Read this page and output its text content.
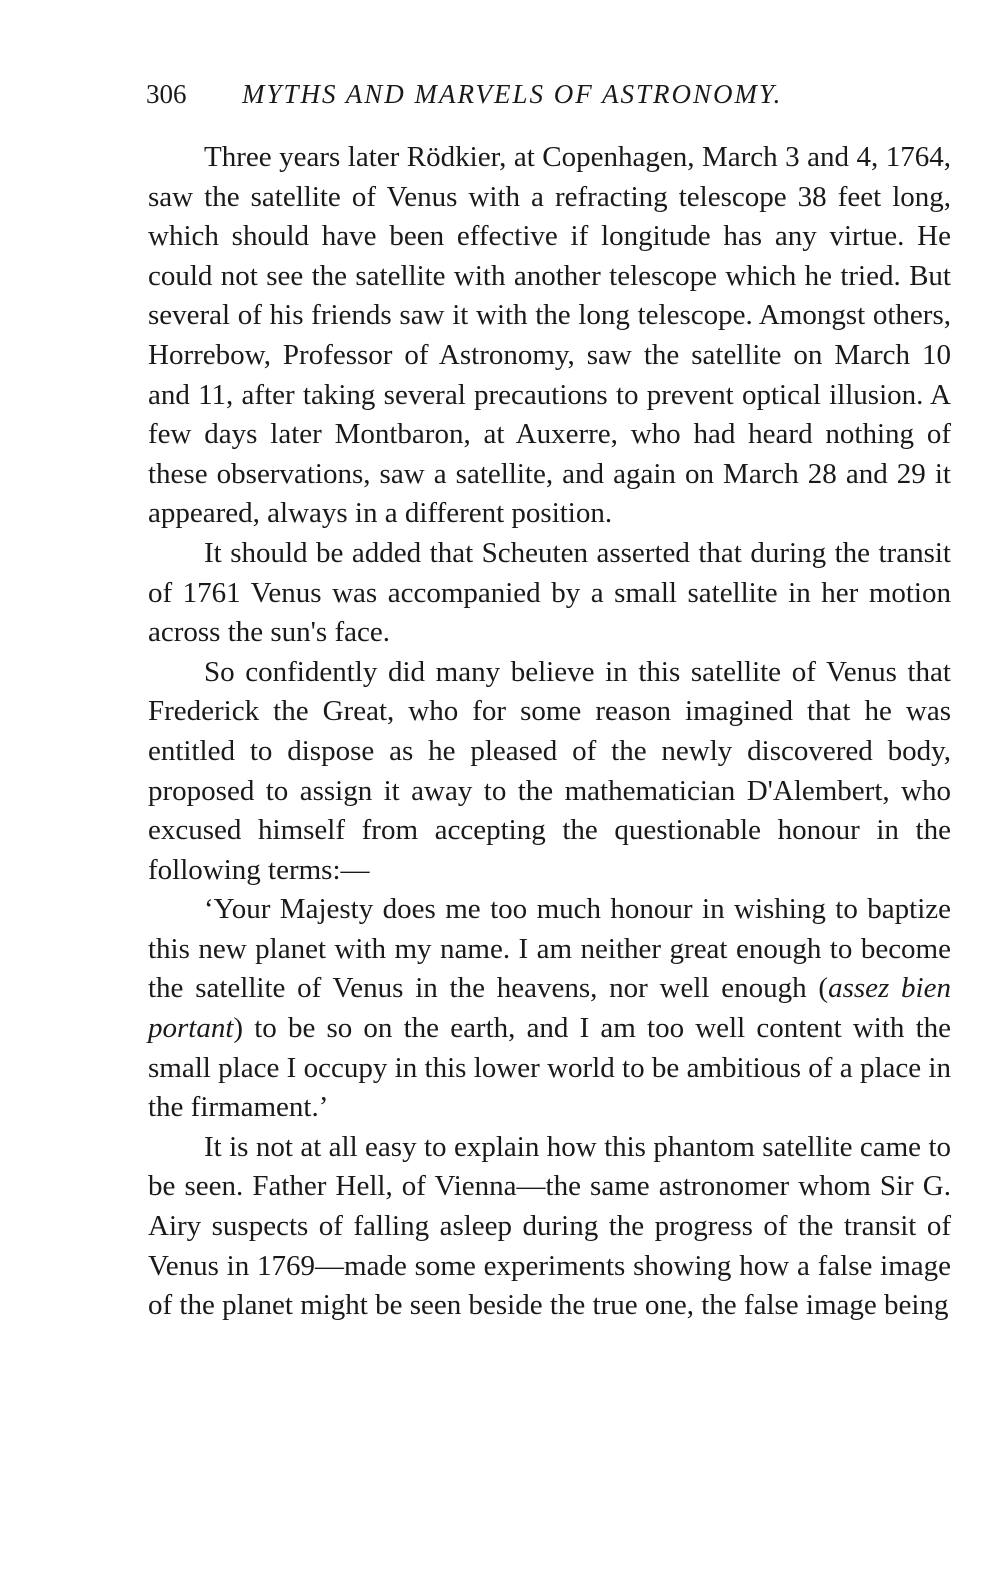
306 MYTHS AND MARVELS OF ASTRONOMY.

Three years later Rödkier, at Copenhagen, March 3 and 4, 1764, saw the satellite of Venus with a refracting telescope 38 feet long, which should have been effective if longitude has any virtue. He could not see the satellite with another telescope which he tried. But several of his friends saw it with the long telescope. Amongst others, Horrebow, Professor of Astronomy, saw the satellite on March 10 and 11, after taking several precautions to prevent optical illusion. A few days later Montbaron, at Auxerre, who had heard nothing of these observations, saw a satellite, and again on March 28 and 29 it appeared, always in a different position.

It should be added that Scheuten asserted that during the transit of 1761 Venus was accompanied by a small satellite in her motion across the sun's face.

So confidently did many believe in this satellite of Venus that Frederick the Great, who for some reason imagined that he was entitled to dispose as he pleased of the newly discovered body, proposed to assign it away to the mathematician D'Alembert, who excused himself from accepting the questionable honour in the following terms:—

‘Your Majesty does me too much honour in wishing to baptize this new planet with my name. I am neither great enough to become the satellite of Venus in the heavens, nor well enough (assez bien portant) to be so on the earth, and I am too well content with the small place I occupy in this lower world to be ambitious of a place in the firmament.’

It is not at all easy to explain how this phantom satellite came to be seen. Father Hell, of Vienna—the same astronomer whom Sir G. Airy suspects of falling asleep during the progress of the transit of Venus in 1769—made some experiments showing how a false image of the planet might be seen beside the true one, the false image being
